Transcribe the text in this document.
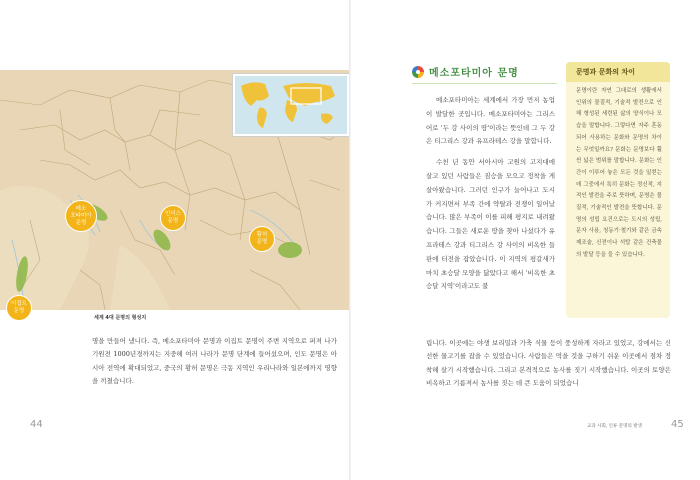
메소
포타미아
문명
인더스
문명
황허
문명
이집트
문명
세계 4대 문명의 형성지

명을 만들어 냈니다. 즉, 메소포타미아 문명과 이집트 문명이 주변 지역으로 퍼져 나가 기원전 1000년경까지는 지중해 여러 나라가 문명 단계에 들어섰으며, 인도 문명은 아시아 전역에 확대되었고, 중국의 황허 문명은 극동 지역인 우리나라와 일본에까지 영향을 끼쳤습니다.

44
메소포타미아 문명

메소포타미아는 세계에서 가장 먼저 농업이 발달한 곳입니다. 메소포타미아는 그리스어로 '두 강 사이의 땅'이라는 뜻인데 그 두 강은 티그리스 강과 유프라테스 강을 말합니다.

수천 년 동안 서아시아 고원의 고지대에 살고 있던 사람들은 짐승을 모으고 정착을 게 살아왔습니다. 그러던 인구가 늘어나고 도시가 커지면서 부족 간에 약탈과 전쟁이 일어났습니다. 많은 부족이 이를 피해 평지로 내려왔습니다. 그들은 새로운 땅을 찾아 나섰다가 유프라테스 강과 티그리스 강 사이의 비옥한 들판에 터전을 잡았습니다. 이 지역의 평갈새가 마치 초승달 모양을 닮았다고 해서 '비옥한 초승달 지역'이라고도 불

립니다. 이곳에는 야생 보리밀과 가축 식물 등이 풍성하게 자라고 있었고, 강에서는 신선한 물고기를 잡을 수 있었습니다. 사람들은 먹을 것을 구하기 쉬운 이곳에서 점차 정착해 살기 시작했습니다. 그리고 본격적으로 농사를 짓기 시작했습니다. 이곳의 토양은 비옥하고 기름져서 농사를 짓는 데 큰 도움이 되었습니

문명과 문화의 차이
문명이란 자연 그대로의 생활에서 인위의 물질적, 기술적 발전으로 인해 형성된 세련된 삶의 양식이나 모습을 말합니다. 그렇다면 자주 혼동되어 사용하는 문화와 문명의 차이는 무엇일까요? 문화는 문명보다 훨씬 넓은 범위를 말합니다. 문화는 인간이 이루어 놓은 모든 것을 일컫는데 그중에서 특히 문화는 정신적, 지적인 발전을 주로 뜻하며, 문명은 물질적, 기술적인 발전을 뜻합니다. 문명의 성립 요건으로는 도시의 성립, 문자 사용, 청동기·철기와 같은 금속 제조술, 신전이나 석탑 같은 건축물의 발달 등을 들 수 있습니다.
교과 사회, 인류 문명의 발생	45
